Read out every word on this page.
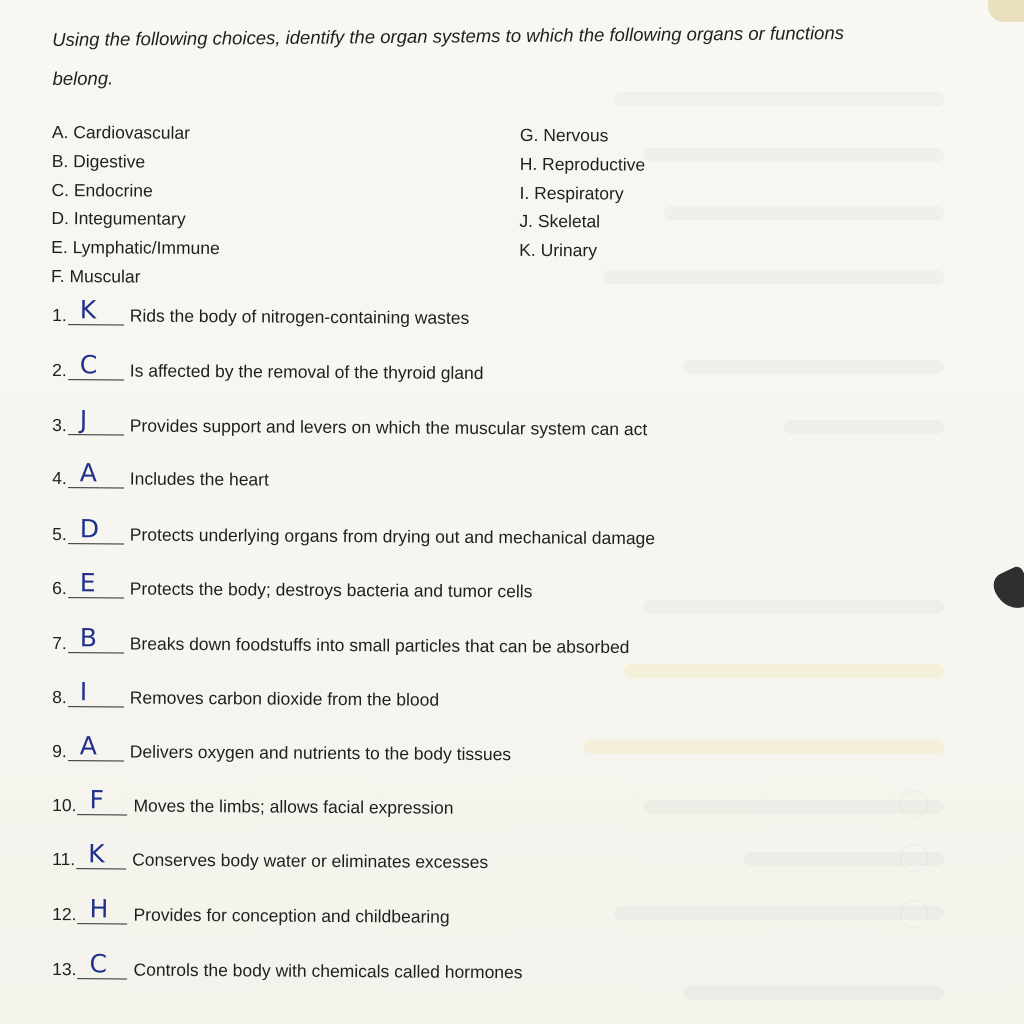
Using the following choices, identify the organ systems to which the following organs or functions belong.
A. Cardiovascular
B. Digestive
C. Endocrine
D. Integumentary
E. Lymphatic/Immune
F. Muscular
G. Nervous
H. Reproductive
I. Respiratory
J. Skeletal
K. Urinary
1. K Rids the body of nitrogen-containing wastes
2. C Is affected by the removal of the thyroid gland
3. J Provides support and levers on which the muscular system can act
4. A Includes the heart
5. D Protects underlying organs from drying out and mechanical damage
6. E Protects the body; destroys bacteria and tumor cells
7. B Breaks down foodstuffs into small particles that can be absorbed
8. I Removes carbon dioxide from the blood
9. A Delivers oxygen and nutrients to the body tissues
10. F Moves the limbs; allows facial expression
11. K Conserves body water or eliminates excesses
12. H Provides for conception and childbearing
13. C Controls the body with chemicals called hormones
